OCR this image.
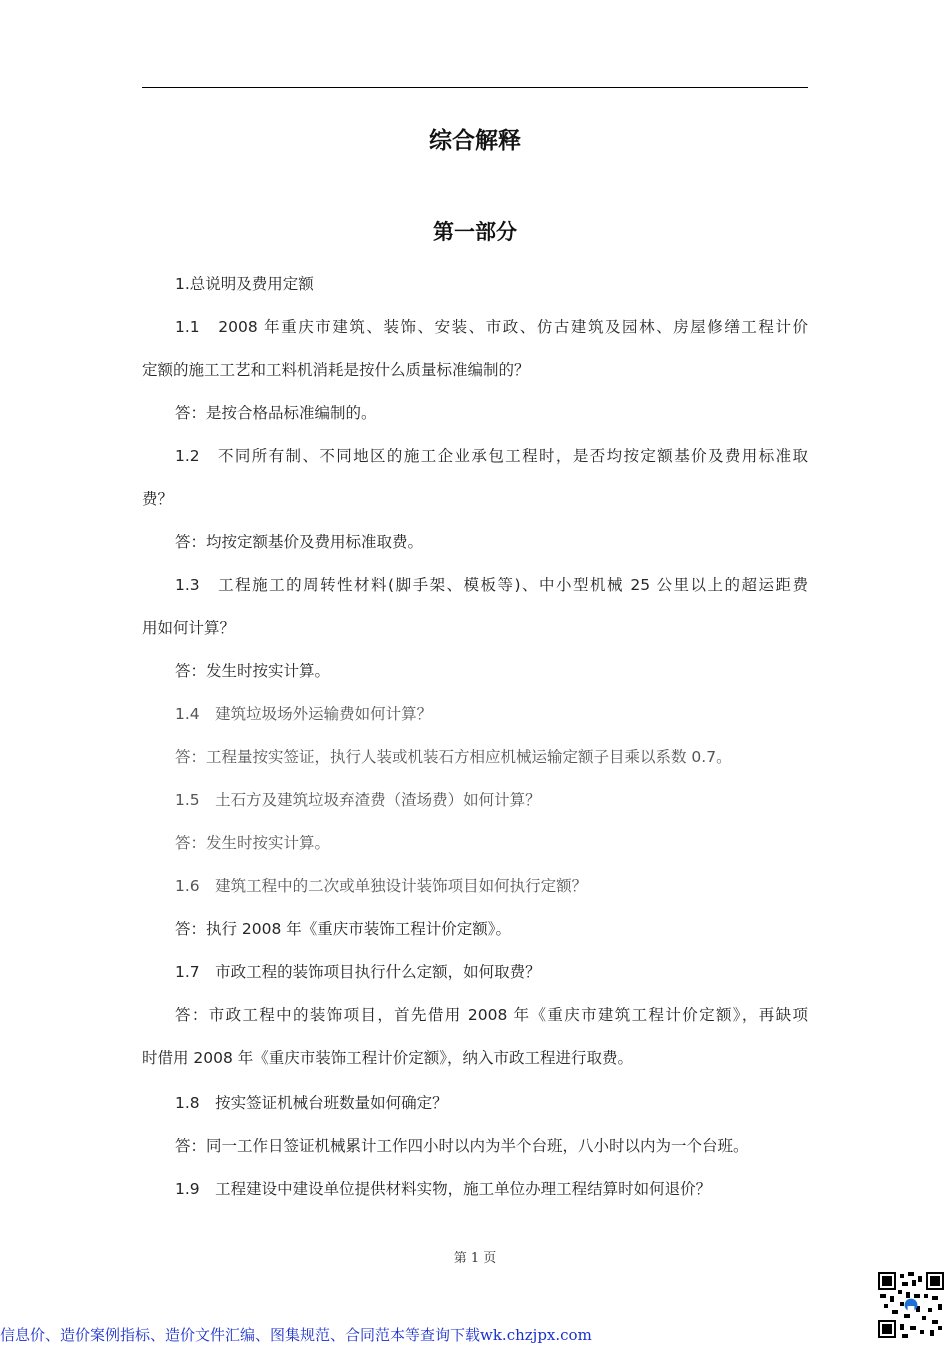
综合解释
第一部分
1.总说明及费用定额
1.1　2008 年重庆市建筑、装饰、安装、市政、仿古建筑及园林、房屋修缮工程计价
定额的施工工艺和工料机消耗是按什么质量标准编制的？
答：是按合格品标准编制的。
1.2　不同所有制、不同地区的施工企业承包工程时，是否均按定额基价及费用标准取
费？
答：均按定额基价及费用标准取费。
1.3　工程施工的周转性材料(脚手架、模板等)、中小型机械 25 公里以上的超运距费
用如何计算？
答：发生时按实计算。
1.4　建筑垃圾场外运输费如何计算？
答：工程量按实签证，执行人装或机装石方相应机械运输定额子目乘以系数 0.7。
1.5　土石方及建筑垃圾弃渣费（渣场费）如何计算？
答：发生时按实计算。
1.6　建筑工程中的二次或单独设计装饰项目如何执行定额？
答：执行 2008 年《重庆市装饰工程计价定额》。
1.7　市政工程的装饰项目执行什么定额，如何取费？
答：市政工程中的装饰项目，首先借用 2008 年《重庆市建筑工程计价定额》，再缺项
时借用 2008 年《重庆市装饰工程计价定额》，纳入市政工程进行取费。
1.8　按实签证机械台班数量如何确定？
答：同一工作日签证机械累计工作四小时以内为半个台班，八小时以内为一个台班。
1.9　工程建设中建设单位提供材料实物，施工单位办理工程结算时如何退价？
第 1 页
信息价、造价案例指标、造价文件汇编、图集规范、合同范本等查询下载wk.chzjpx.com
